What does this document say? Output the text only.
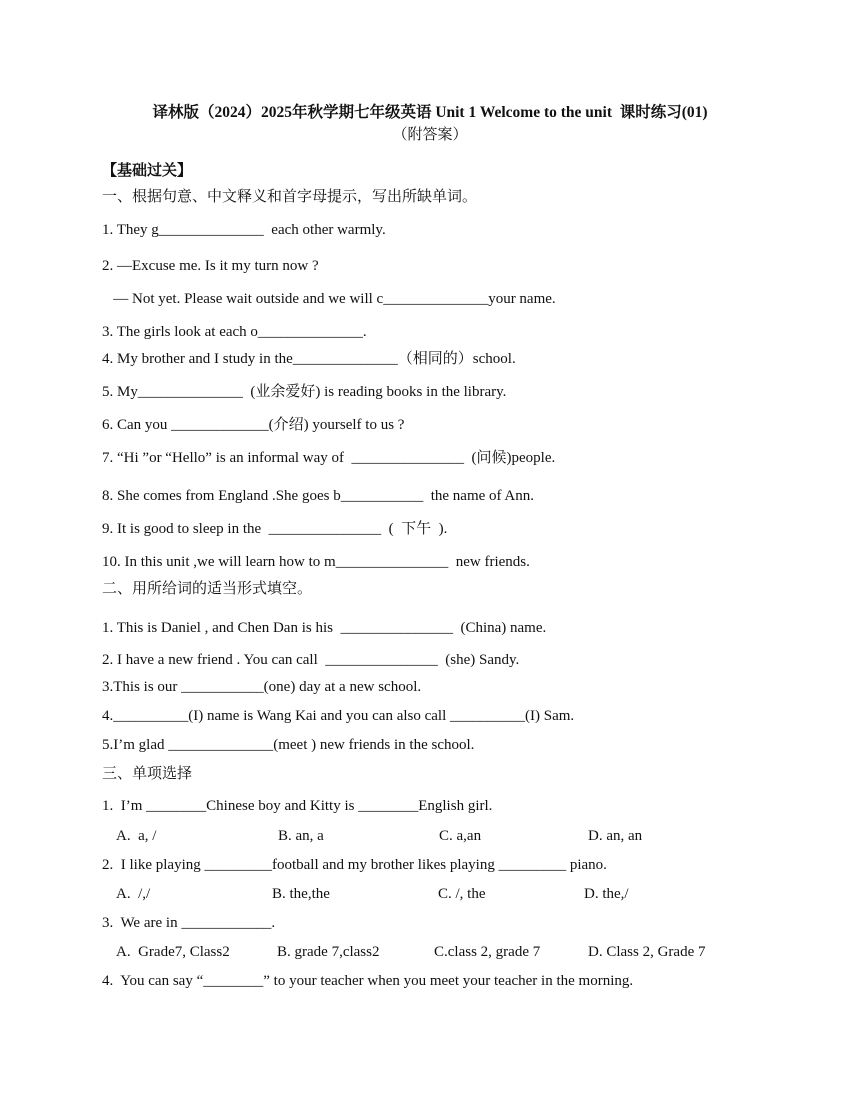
译林版（2024）2025年秋学期七年级英语 Unit 1 Welcome to the unit  课时练习(01)
（附答案）
【基础过关】
一、根据句意、中文释义和首字母提示，写出所缺单词。
1. They g______________  each other warmly.
2. —Excuse me. Is it my turn now ?
— Not yet. Please wait outside and we will c______________your name.
3. The girls look at each o______________.
4. My brother and I study in the______________（相同的）school.
5. My______________  (业余爱好) is reading books in the library.
6. Can you _____________(介绍) yourself to us ?
7. “Hi ”or “Hello” is an informal way of  _______________  (问候)people.
8. She comes from England .She goes b___________  the name of Ann.
9. It is good to sleep in the  _______________  (  下午  ).
10. In this unit ,we will learn how to m_______________  new friends.
二、用所给词的适当形式填空。
1. This is Daniel , and Chen Dan is his  _______________  (China) name.
2. I have a new friend . You can call  _______________  (she) Sandy.
3.This is our ___________(one) day at a new school.
4.__________(I) name is Wang Kai and you can also call __________(I) Sam.
5.I’m glad ______________(meet ) new friends in the school.
三、单项选择
1.  I’m ________Chinese boy and Kitty is ________English girl.
A.  a, /	B. an, a	C. a,an	D. an, an
2.  I like playing _________football and my brother likes playing _________ piano.
A.  /,/	B. the,the	C. /, the	D. the,/
3.  We are in ____________.
A.  Grade7, Class2	B. grade 7,class2	C.class 2, grade 7	D. Class 2, Grade 7
4.  You can say “________” to your teacher when you meet your teacher in the morning.
